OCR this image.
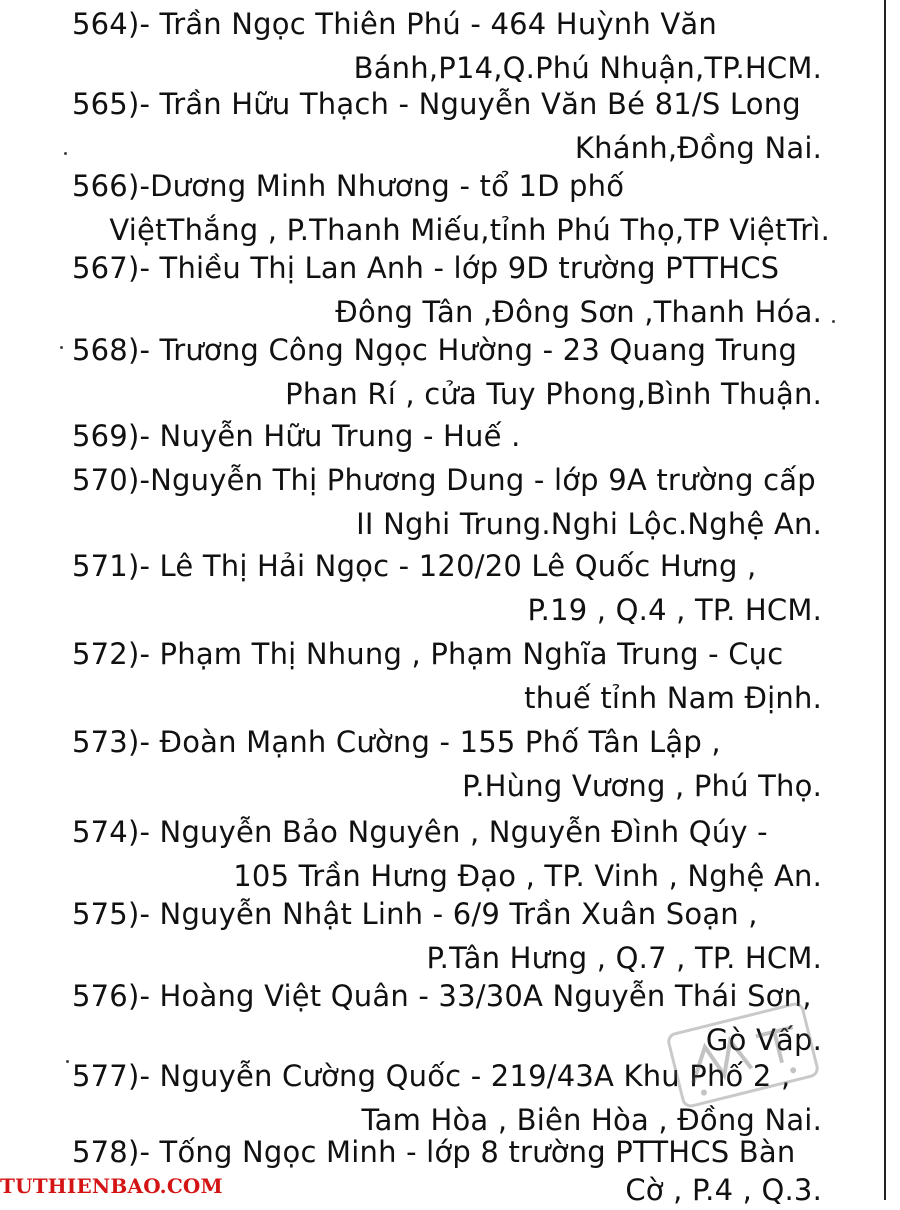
564)- Trần Ngọc Thiên Phú - 464 Huỳnh Văn
Bánh,P14,Q.Phú Nhuận,TP.HCM.
565)- Trần Hữu Thạch - Nguyễn Văn Bé 81/S Long
Khánh,Đồng Nai.
566)-Dương Minh Nhương - tổ 1D phố
ViệtThắng , P.Thanh Miếu,tỉnh Phú Thọ,TP ViệtTrì.
567)- Thiều Thị Lan Anh - lớp 9D trường PTTHCS
Đông Tân ,Đông Sơn ,Thanh Hóa.
568)- Trương Công Ngọc Hường - 23 Quang Trung
Phan Rí , cửa Tuy Phong,Bình Thuận.
569)- Nuyễn Hữu Trung - Huế .
570)-Nguyễn Thị Phương Dung - lớp 9A trường cấp
II Nghi Trung.Nghi Lộc.Nghệ An.
571)- Lê Thị Hải Ngọc - 120/20 Lê Quốc Hưng ,
P.19 , Q.4 , TP. HCM.
572)- Phạm Thị Nhung , Phạm Nghĩa Trung - Cục
thuế tỉnh Nam Định.
573)- Đoàn Mạnh Cường - 155 Phố Tân Lập ,
P.Hùng Vương , Phú Thọ.
574)- Nguyễn Bảo Nguyên , Nguyễn Đình Qúy -
105 Trần Hưng Đạo , TP. Vinh , Nghệ An.
575)- Nguyễn Nhật Linh - 6/9 Trần Xuân Soạn ,
P.Tân Hưng , Q.7 , TP. HCM.
576)- Hoàng Việt Quân - 33/30A Nguyễn Thái Sơn,
Gò Vấp.
577)- Nguyễn Cường Quốc - 219/43A Khu Phố 2 ,
Tam Hòa , Biên Hòa , Đồng Nai.
578)- Tống Ngọc Minh - lớp 8 trường PTTHCS Bàn
Cờ , P.4 , Q.3.
TUTHIENBAO.COM
